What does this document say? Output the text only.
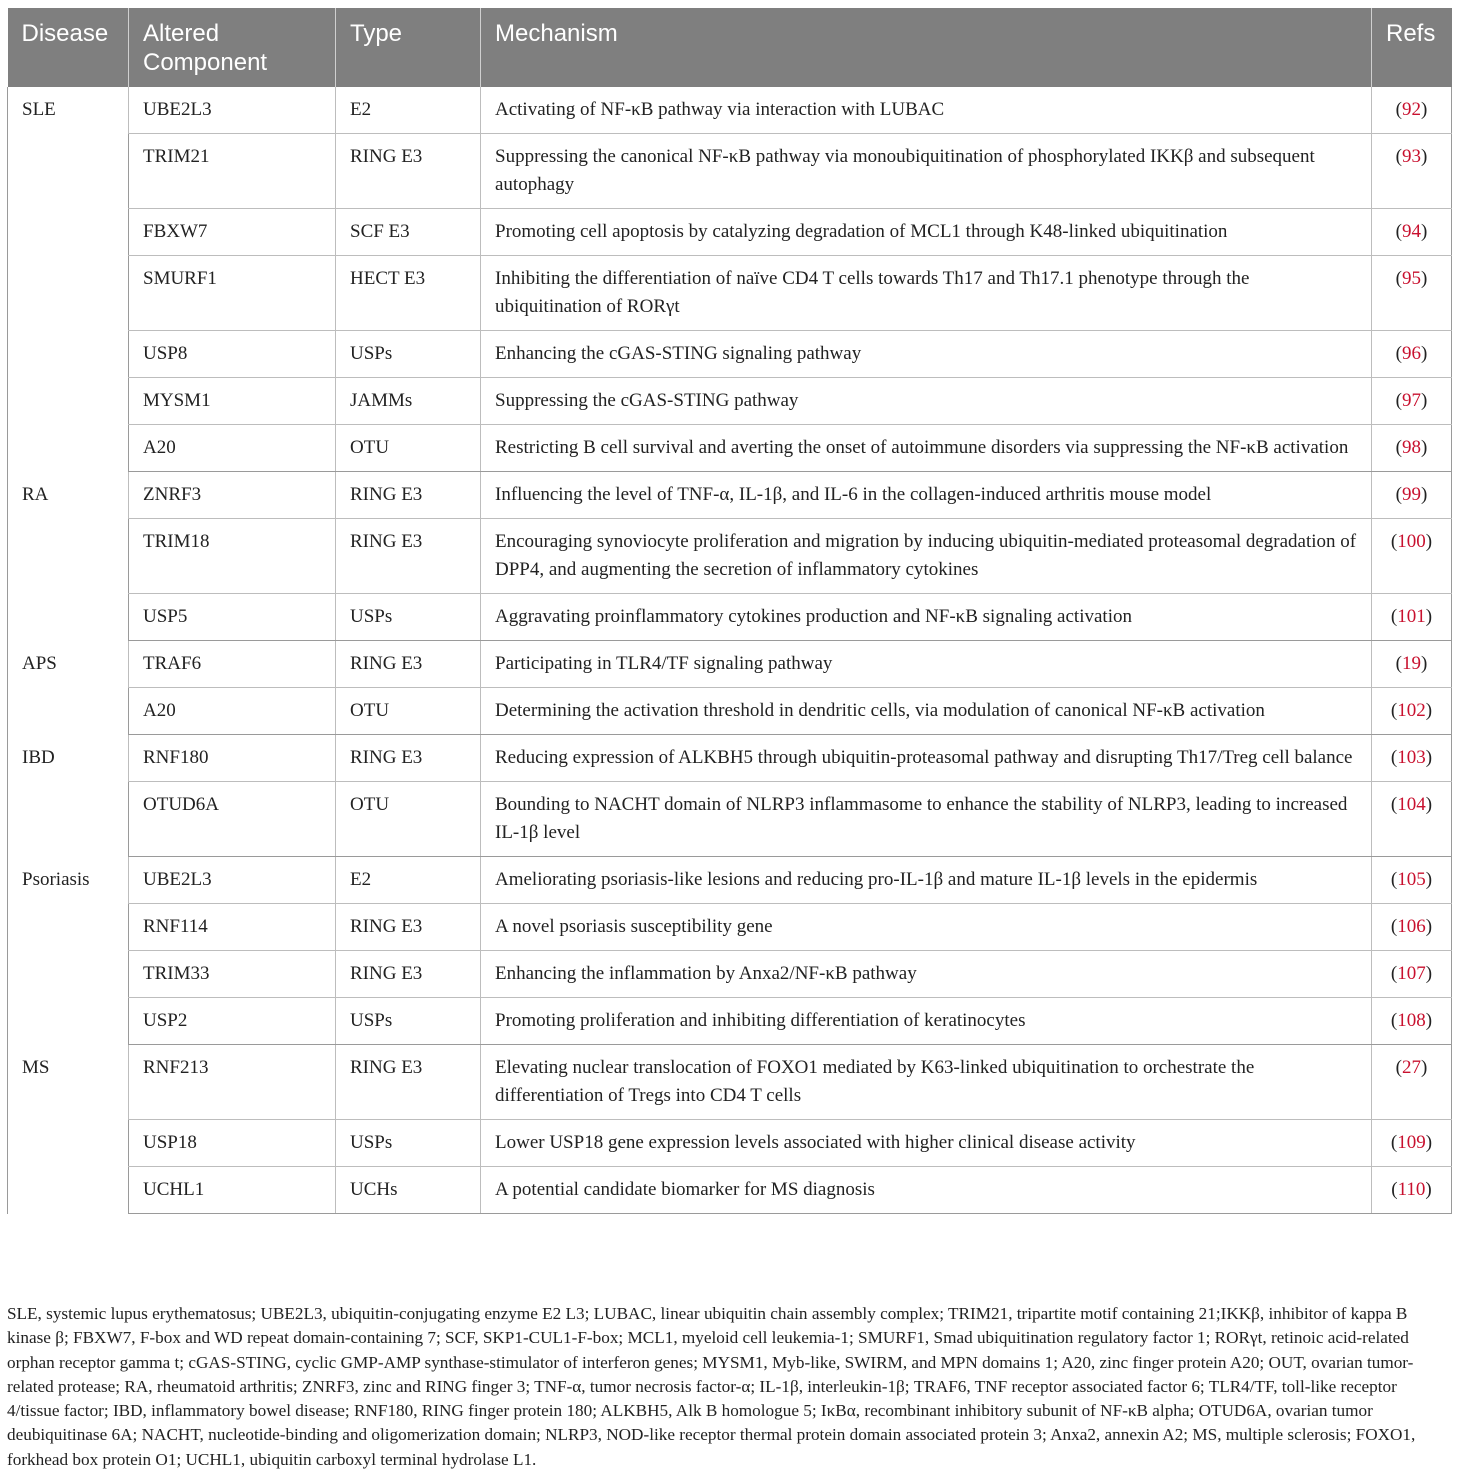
Disease	Altered Component	Type	Mechanism	Refs
SLE	UBE2L3	E2	Activating of NF-κB pathway via interaction with LUBAC	(92)
	TRIM21	RING E3	Suppressing the canonical NF-κB pathway via monoubiquitination of phosphorylated IKKβ and subsequent autophagy	(93)
	FBXW7	SCF E3	Promoting cell apoptosis by catalyzing degradation of MCL1 through K48-linked ubiquitination	(94)
	SMURF1	HECT E3	Inhibiting the differentiation of naïve CD4 T cells towards Th17 and Th17.1 phenotype through the ubiquitination of RORγt	(95)
	USP8	USPs	Enhancing the cGAS-STING signaling pathway	(96)
	MYSM1	JAMMs	Suppressing the cGAS-STING pathway	(97)
	A20	OTU	Restricting B cell survival and averting the onset of autoimmune disorders via suppressing the NF-κB activation	(98)
RA	ZNRF3	RING E3	Influencing the level of TNF-α, IL-1β, and IL-6 in the collagen-induced arthritis mouse model	(99)
	TRIM18	RING E3	Encouraging synoviocyte proliferation and migration by inducing ubiquitin-mediated proteasomal degradation of DPP4, and augmenting the secretion of inflammatory cytokines	(100)
	USP5	USPs	Aggravating proinflammatory cytokines production and NF-κB signaling activation	(101)
APS	TRAF6	RING E3	Participating in TLR4/TF signaling pathway	(19)
	A20	OTU	Determining the activation threshold in dendritic cells, via modulation of canonical NF-κB activation	(102)
IBD	RNF180	RING E3	Reducing expression of ALKBH5 through ubiquitin-proteasomal pathway and disrupting Th17/Treg cell balance	(103)
	OTUD6A	OTU	Bounding to NACHT domain of NLRP3 inflammasome to enhance the stability of NLRP3, leading to increased IL-1β level	(104)
Psoriasis	UBE2L3	E2	Ameliorating psoriasis-like lesions and reducing pro-IL-1β and mature IL-1β levels in the epidermis	(105)
	RNF114	RING E3	A novel psoriasis susceptibility gene	(106)
	TRIM33	RING E3	Enhancing the inflammation by Anxa2/NF-κB pathway	(107)
	USP2	USPs	Promoting proliferation and inhibiting differentiation of keratinocytes	(108)
MS	RNF213	RING E3	Elevating nuclear translocation of FOXO1 mediated by K63-linked ubiquitination to orchestrate the differentiation of Tregs into CD4 T cells	(27)
	USP18	USPs	Lower USP18 gene expression levels associated with higher clinical disease activity	(109)
	UCHL1	UCHs	A potential candidate biomarker for MS diagnosis	(110)
SLE, systemic lupus erythematosus; UBE2L3, ubiquitin-conjugating enzyme E2 L3; LUBAC, linear ubiquitin chain assembly complex; TRIM21, tripartite motif containing 21;IKKβ, inhibitor of kappa B kinase β; FBXW7, F-box and WD repeat domain-containing 7; SCF, SKP1-CUL1-F-box; MCL1, myeloid cell leukemia-1; SMURF1, Smad ubiquitination regulatory factor 1; RORγt, retinoic acid-related orphan receptor gamma t; cGAS-STING, cyclic GMP-AMP synthase-stimulator of interferon genes; MYSM1, Myb-like, SWIRM, and MPN domains 1; A20, zinc finger protein A20; OUT, ovarian tumor-related protease; RA, rheumatoid arthritis; ZNRF3, zinc and RING finger 3; TNF-α, tumor necrosis factor-α; IL-1β, interleukin-1β; TRAF6, TNF receptor associated factor 6; TLR4/TF, toll-like receptor 4/tissue factor; IBD, inflammatory bowel disease; RNF180, RING finger protein 180; ALKBH5, Alk B homologue 5; IκBα, recombinant inhibitory subunit of NF-κB alpha; OTUD6A, ovarian tumor deubiquitinase 6A; NACHT, nucleotide-binding and oligomerization domain; NLRP3, NOD-like receptor thermal protein domain associated protein 3; Anxa2, annexin A2; MS, multiple sclerosis; FOXO1, forkhead box protein O1; UCHL1, ubiquitin carboxyl terminal hydrolase L1.
